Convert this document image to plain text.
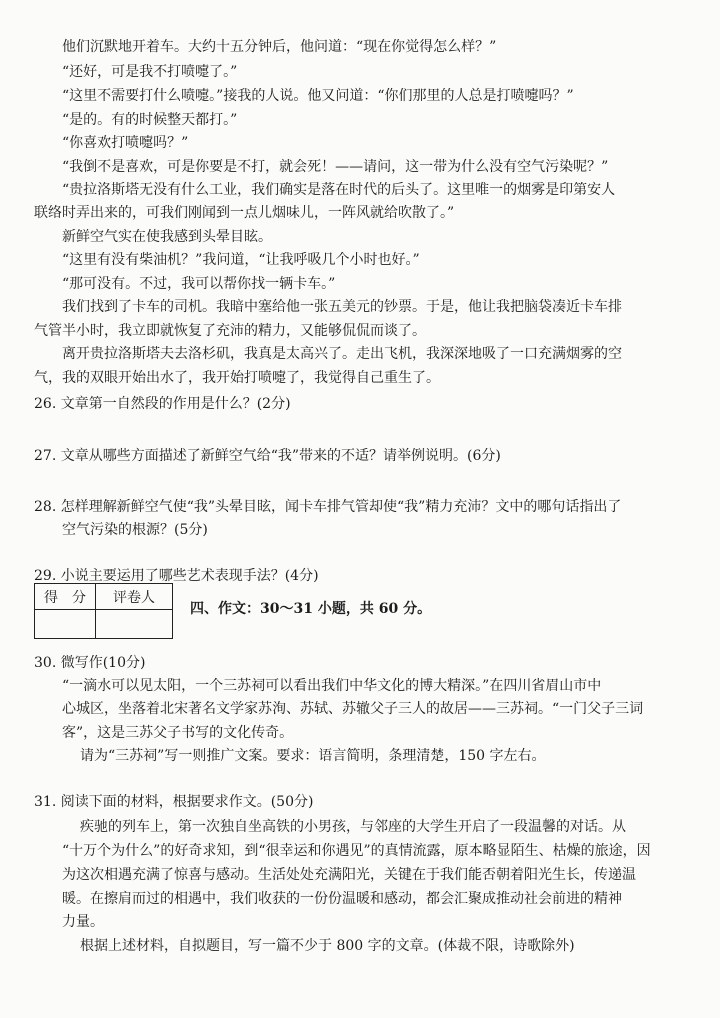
他们沉默地开着车。大约十五分钟后，他问道：“现在你觉得怎么样？”
“还好，可是我不打喷嚏了。”
“这里不需要打什么喷嚏。”接我的人说。他又问道：“你们那里的人总是打喷嚏吗？”
“是的。有的时候整天都打。”
“你喜欢打喷嚏吗？”
“我倒不是喜欢，可是你要是不打，就会死！——请问，这一带为什么没有空气污染呢？”
“贵拉洛斯塔无没有什么工业，我们确实是落在时代的后头了。这里唯一的烟雾是印第安人
联络时弄出来的，可我们刚闻到一点儿烟味儿，一阵风就给吹散了。”
新鲜空气实在使我感到头晕目眩。
“这里有没有柴油机？”我问道，“让我呼吸几个小时也好。”
“那可没有。不过，我可以帮你找一辆卡车。”
我们找到了卡车的司机。我暗中塞给他一张五美元的钞票。于是，他让我把脑袋凑近卡车排
气管半小时，我立即就恢复了充沛的精力，又能够侃侃而谈了。
离开贵拉洛斯塔夫去洛杉矶，我真是太高兴了。走出飞机，我深深地吸了一口充满烟雾的空
气，我的双眼开始出水了，我开始打喷嚏了，我觉得自己重生了。
26. 文章第一自然段的作用是什么？(2分)
27. 文章从哪些方面描述了新鲜空气给“我”带来的不适？请举例说明。(6分)
28. 怎样理解新鲜空气使“我”头晕目眩，闻卡车排气管却使“我”精力充沛？文中的哪句话指出了
空气污染的根源？(5分)
29. 小说主要运用了哪些艺术表现手法？(4分)
得　分	评卷人

四、作文：30～31 小题，共 60 分。
30. 微写作(10分)
“一滴水可以见太阳，一个三苏祠可以看出我们中华文化的博大精深。”在四川省眉山市中
心城区，坐落着北宋著名文学家苏洵、苏轼、苏辙父子三人的故居——三苏祠。“一门父子三词
客”，这是三苏父子书写的文化传奇。
请为“三苏祠”写一则推广文案。要求：语言简明，条理清楚，150 字左右。
31. 阅读下面的材料，根据要求作文。(50分)
疾驰的列车上，第一次独自坐高铁的小男孩，与邻座的大学生开启了一段温馨的对话。从
“十万个为什么”的好奇求知，到“很幸运和你遇见”的真情流露，原本略显陌生、枯燥的旅途，因
为这次相遇充满了惊喜与感动。生活处处充满阳光，关键在于我们能否朝着阳光生长，传递温
暖。在擦肩而过的相遇中，我们收获的一份份温暖和感动，都会汇聚成推动社会前进的精神
力量。
根据上述材料，自拟题目，写一篇不少于 800 字的文章。(体裁不限，诗歌除外)
